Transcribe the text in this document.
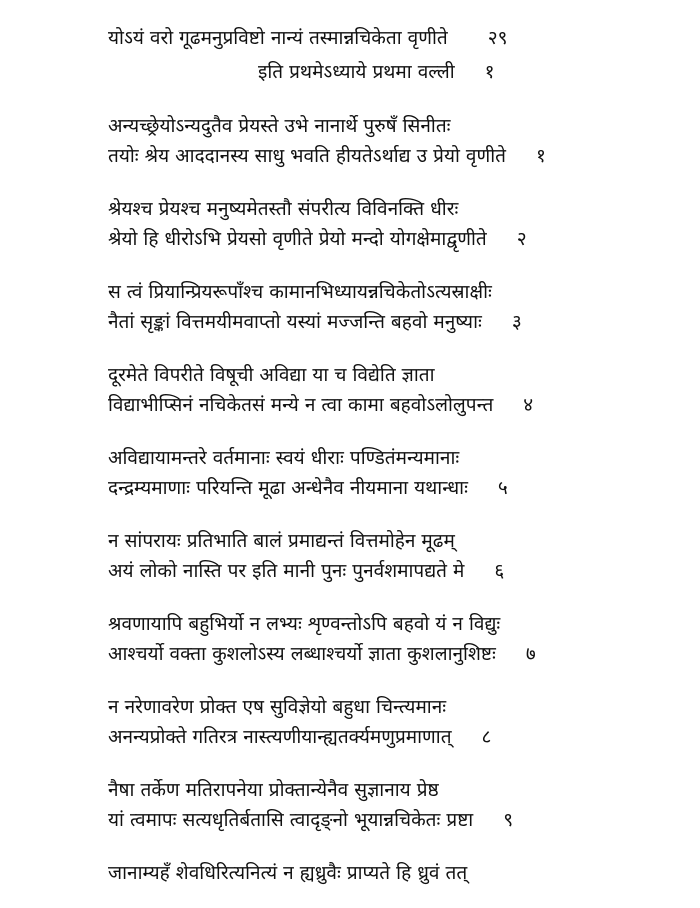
योऽयं वरो गूढमनुप्रविष्टो नान्यं तस्मान्नचिकेता वृणीते २९
इति प्रथमेऽध्याये प्रथमा वल्ली १
अन्यच्छ्रेयोऽन्यदुतैव प्रेयस्ते उभे नानार्थे पुरुषँ सिनीतः
तयोः श्रेय आददानस्य साधु भवति हीयतेऽर्थाद्य उ प्रेयो वृणीते १
श्रेयश्च प्रेयश्च मनुष्यमेतस्तौ संपरीत्य विविनक्ति धीरः
श्रेयो हि धीरोऽभि प्रेयसो वृणीते प्रेयो मन्दो योगक्षेमाद्वृणीते २
स त्वं प्रियान्प्रियरूपाँश्च कामानभिध्यायन्नचिकेतोऽत्यस्राक्षीः
नैतां सृङ्कां वित्तमयीमवाप्तो यस्यां मज्जन्ति बहवो मनुष्याः ३
दूरमेते विपरीते विषूची अविद्या या च विद्येति ज्ञाता
विद्याभीप्सिनं नचिकेतसं मन्ये न त्वा कामा बहवोऽलोलुपन्त ४
अविद्यायामन्तरे वर्तमानाः स्वयं धीराः पण्डितंमन्यमानाः
दन्द्रम्यमाणाः परियन्ति मूढा अन्धेनैव नीयमाना यथान्धाः ५
न सांपरायः प्रतिभाति बालं प्रमाद्यन्तं वित्तमोहेन मूढम्
अयं लोको नास्ति पर इति मानी पुनः पुनर्वशमापद्यते मे ६
श्रवणायापि बहुभिर्यो न लभ्यः शृण्वन्तोऽपि बहवो यं न विद्युः
आश्चर्यो वक्ता कुशलोऽस्य लब्धाश्चर्यो ज्ञाता कुशलानुशिष्टः ७
न नरेणावरेण प्रोक्त एष सुविज्ञेयो बहुधा चिन्त्यमानः
अनन्यप्रोक्ते गतिरत्र नास्त्यणीयान्ह्यतर्क्यमणुप्रमाणात् ८
नैषा तर्केण मतिरापनेया प्रोक्तान्येनैव सुज्ञानाय प्रेष्ठ
यां त्वमापः सत्यधृतिर्बतासि त्वादृङ्नो भूयान्नचिकेतः प्रष्टा ९
जानाम्यहँ शेवधिरित्यनित्यं न ह्यध्रुवैः प्राप्यते हि ध्रुवं तत्
